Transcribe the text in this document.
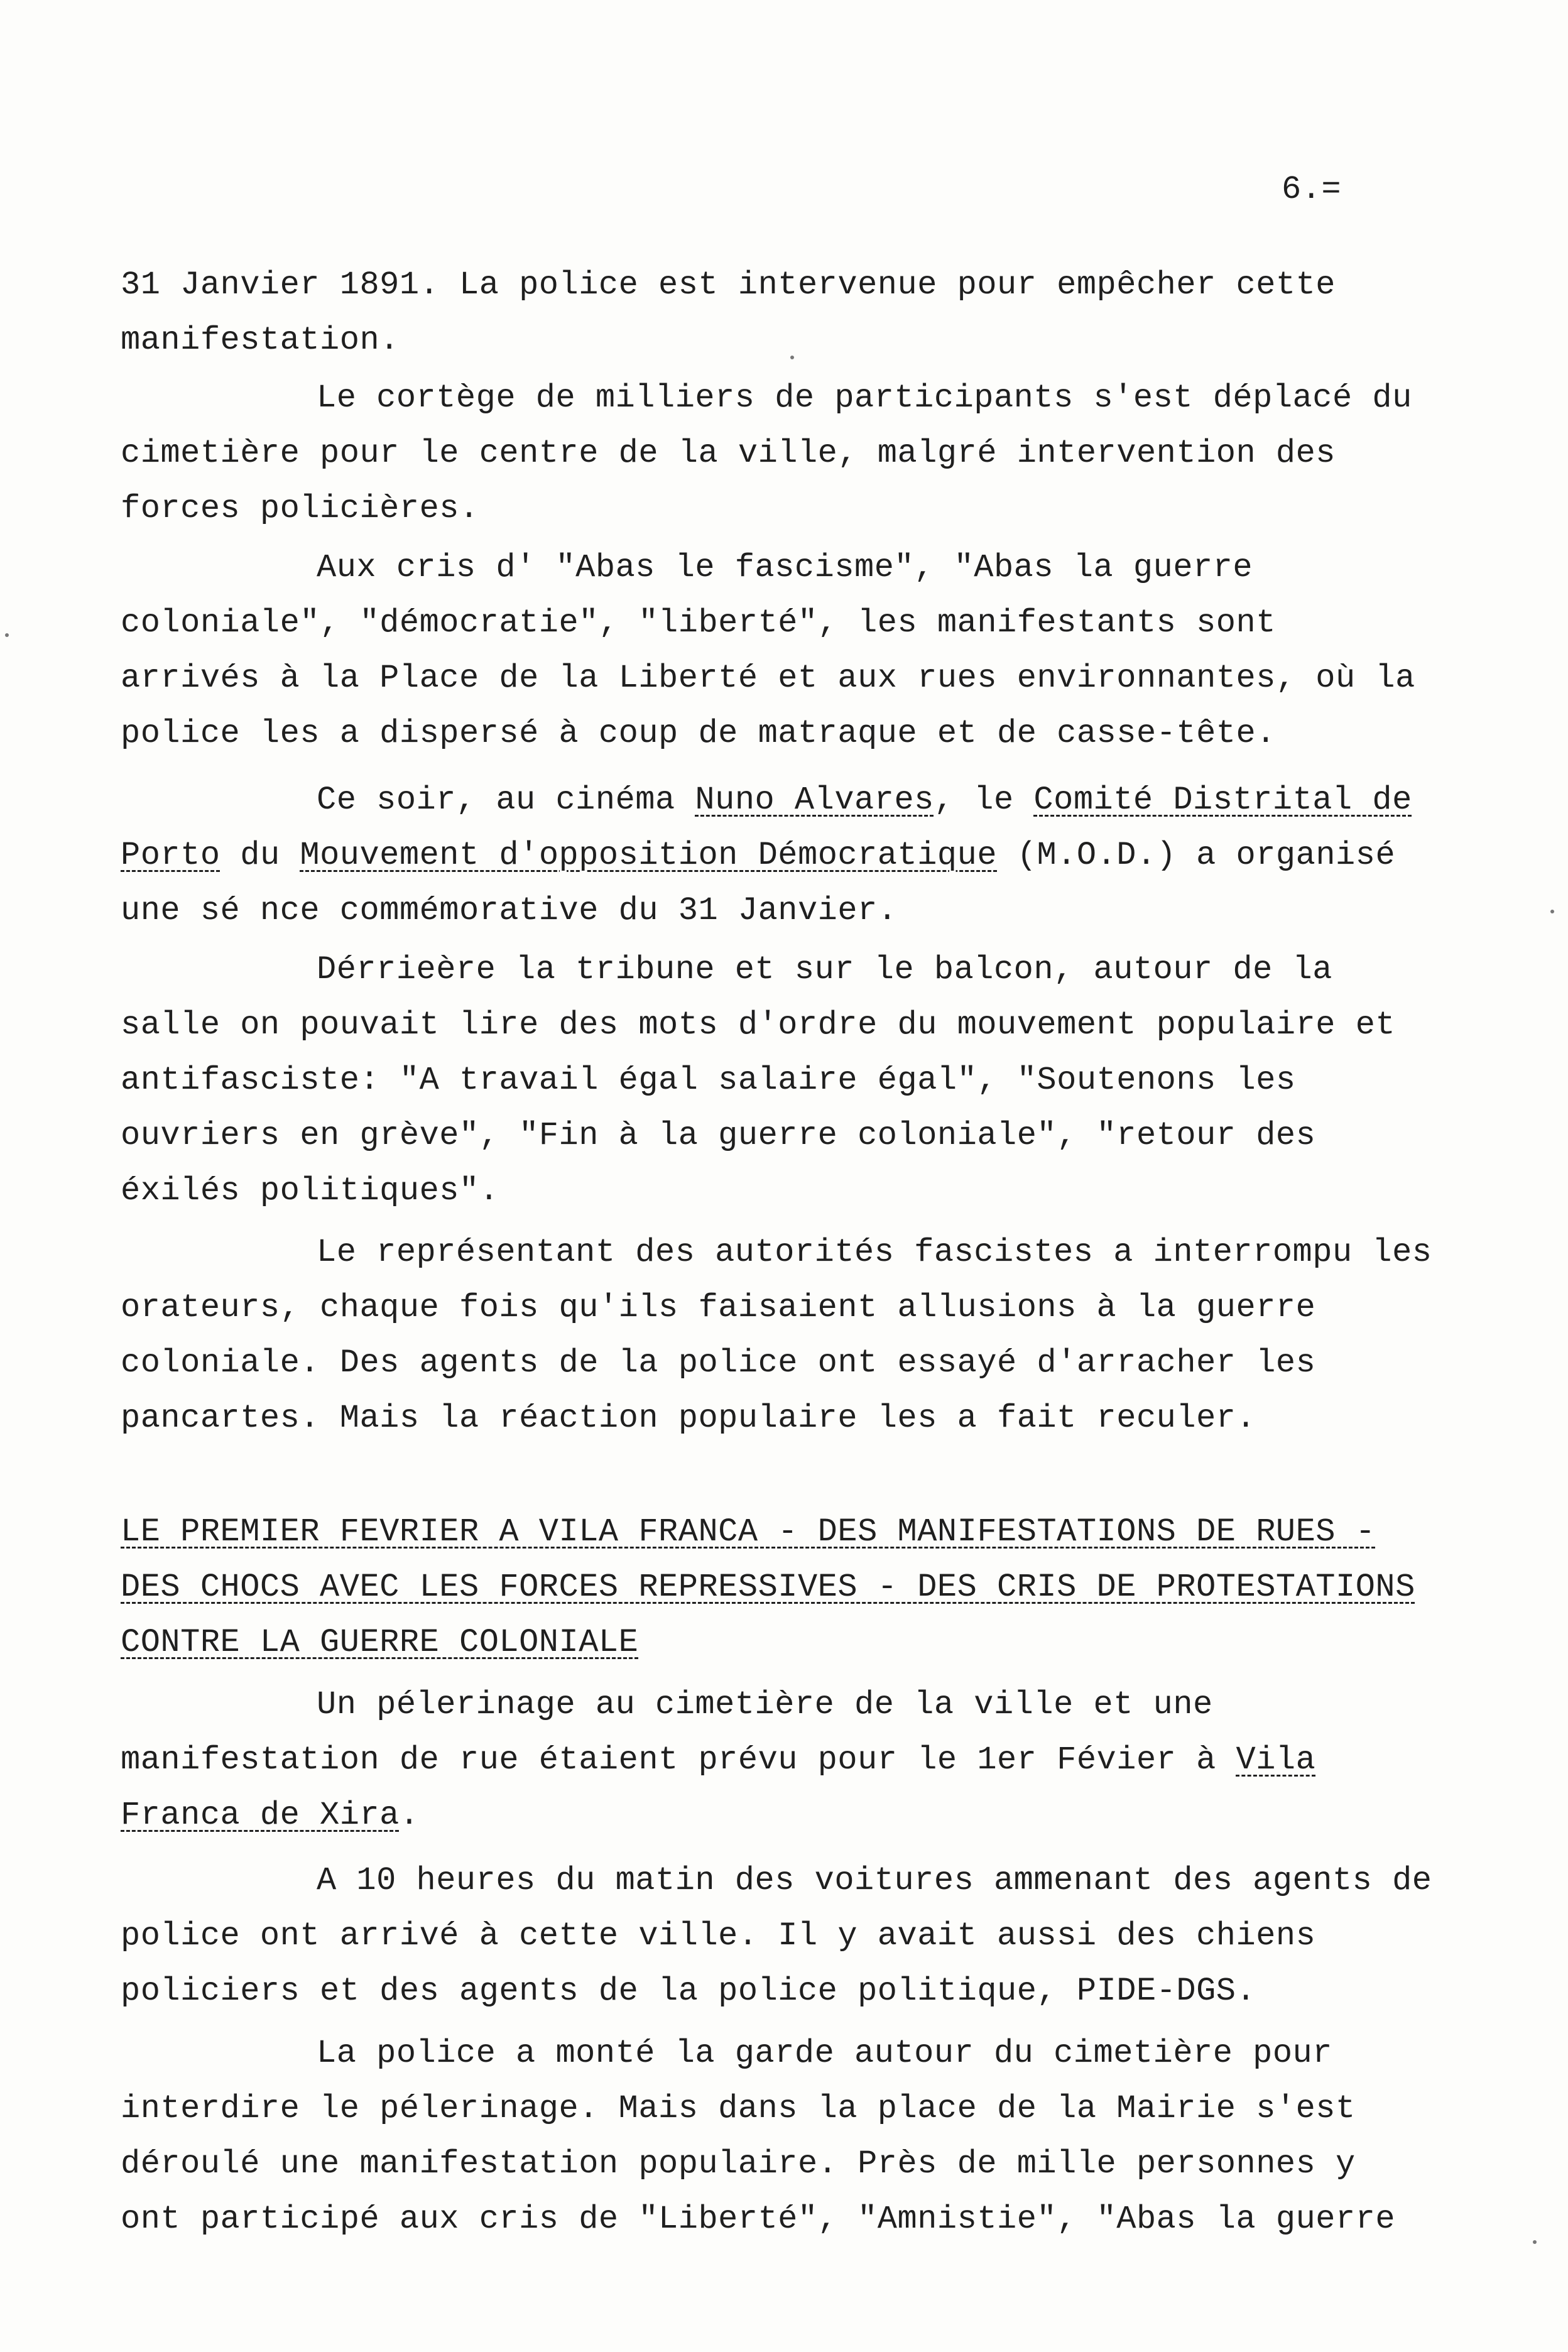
6.=

31 Janvier 1891. La police est intervenue pour empêcher cette manifestation.

Le cortège de milliers de participants s'est déplacé du cimetière pour le centre de la ville, malgré intervention des forces policières.

Aux cris d' "Abas le fascisme", "Abas la guerre coloniale", "démocratie", "liberté", les manifestants sont arrivés à la Place de la Liberté et aux rues environnantes, où la police les a dispersé à coup de matraque et de casse-tête.

Ce soir, au cinéma Nuno Alvares, le Comité Distrital de Porto du Mouvement d'opposition Démocratique (M.O.D.) a organisé une sé nce commémorative du 31 Janvier.

Dérrieère la tribune et sur le balcon, autour de la salle on pouvait lire des mots d'ordre du mouvement populaire et antifasciste: "A travail égal salaire égal", "Soutenons les ouvriers en grève", "Fin à la guerre coloniale", "retour des éxilés politiques".

Le représentant des autorités fascistes a interrompu les orateurs, chaque fois qu'ils faisaient allusions à la guerre coloniale. Des agents de la police ont essayé d'arracher les pancartes. Mais la réaction populaire les a fait reculer.

LE PREMIER FEVRIER A VILA FRANCA - DES MANIFESTATIONS DE RUES -
DES CHOCS AVEC LES FORCES REPRESSIVES - DES CRIS DE PROTESTATIONS
CONTRE LA GUERRE COLONIALE

Un pélerinage au cimetière de la ville et une manifestation de rue étaient prévu pour le 1er Févier à Vila Franca de Xira.

A 10 heures du matin des voitures ammenant des agents de police ont arrivé à cette ville. Il y avait aussi des chiens policiers et des agents de la police politique, PIDE-DGS.

La police a monté la garde autour du cimetière pour interdire le pélerinage. Mais dans la place de la Mairie s'est déroulé une manifestation populaire. Près de mille personnes y ont participé aux cris de "Liberté", "Amnistie", "Abas la guerre
